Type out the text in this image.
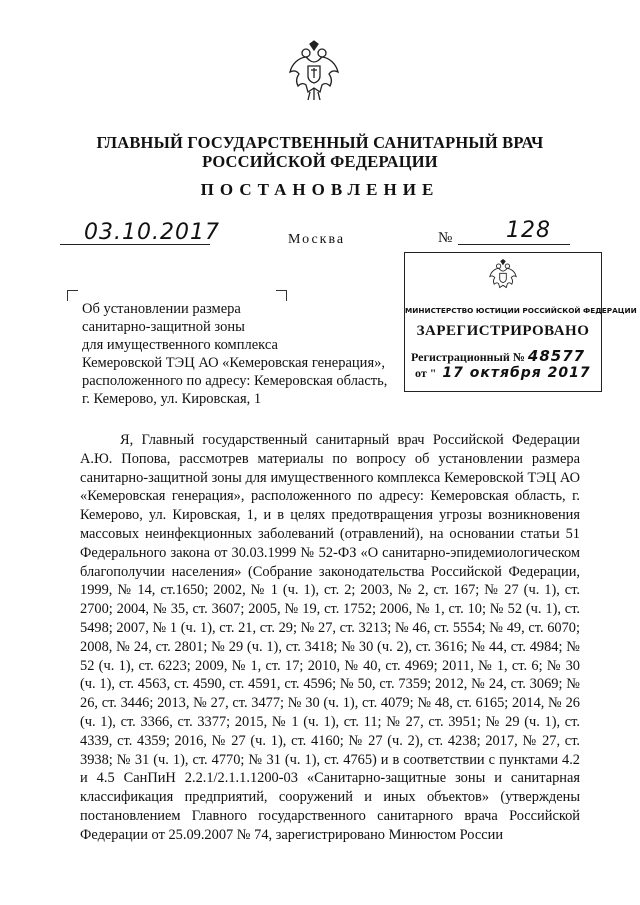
ГЛАВНЫЙ ГОСУДАРСТВЕННЫЙ САНИТАРНЫЙ ВРАЧ
РОССИЙСКОЙ ФЕДЕРАЦИИ
ПОСТАНОВЛЕНИЕ
03.10.2017	Москва	№ 128
Об установлении размера
санитарно-защитной зоны
для имущественного комплекса
Кемеровской ТЭЦ АО «Кемеровская генерация»,
расположенного по адресу: Кемеровская область,
г. Кемерово, ул. Кировская, 1
МИНИСТЕРСТВО ЮСТИЦИИ РОССИЙСКОЙ ФЕДЕРАЦИИ
ЗАРЕГИСТРИРОВАНО
Регистрационный № 48577
от " 17 октября 2017
Я, Главный государственный санитарный врач Российской Федерации А.Ю. Попова, рассмотрев материалы по вопросу об установлении размера санитарно-защитной зоны для имущественного комплекса Кемеровской ТЭЦ АО «Кемеровская генерация», расположенного по адресу: Кемеровская область, г. Кемерово, ул. Кировская, 1, и в целях предотвращения угрозы возникновения массовых неинфекционных заболеваний (отравлений), на основании статьи 51 Федерального закона от 30.03.1999 № 52-ФЗ «О санитарно-эпидемиологическом благополучии населения» (Собрание законодательства Российской Федерации, 1999, № 14, ст.1650; 2002, № 1 (ч. 1), ст. 2; 2003, № 2, ст. 167; № 27 (ч. 1), ст. 2700; 2004, № 35, ст. 3607; 2005, № 19, ст. 1752; 2006, № 1, ст. 10; № 52 (ч. 1), ст. 5498; 2007, № 1 (ч. 1), ст. 21, ст. 29; № 27, ст. 3213; № 46, ст. 5554; № 49, ст. 6070; 2008, № 24, ст. 2801; № 29 (ч. 1), ст. 3418; № 30 (ч. 2), ст. 3616; № 44, ст. 4984; № 52 (ч. 1), ст. 6223; 2009, № 1, ст. 17; 2010, № 40, ст. 4969; 2011, № 1, ст. 6; № 30 (ч. 1), ст. 4563, ст. 4590, ст. 4591, ст. 4596; № 50, ст. 7359; 2012, № 24, ст. 3069; № 26, ст. 3446; 2013, № 27, ст. 3477; № 30 (ч. 1), ст. 4079; № 48, ст. 6165; 2014, № 26 (ч. 1), ст. 3366, ст. 3377; 2015, № 1 (ч. 1), ст. 11; № 27, ст. 3951; № 29 (ч. 1), ст. 4339, ст. 4359; 2016, № 27 (ч. 1), ст. 4160; № 27 (ч. 2), ст. 4238; 2017, № 27, ст. 3938; № 31 (ч. 1), ст. 4770; № 31 (ч. 1), ст. 4765) и в соответствии с пунктами 4.2 и 4.5 СанПиН 2.2.1/2.1.1.1200-03 «Санитарно-защитные зоны и санитарная классификация предприятий, сооружений и иных объектов» (утверждены постановлением Главного государственного санитарного врача Российской Федерации от 25.09.2007 № 74, зарегистрировано Минюстом России
